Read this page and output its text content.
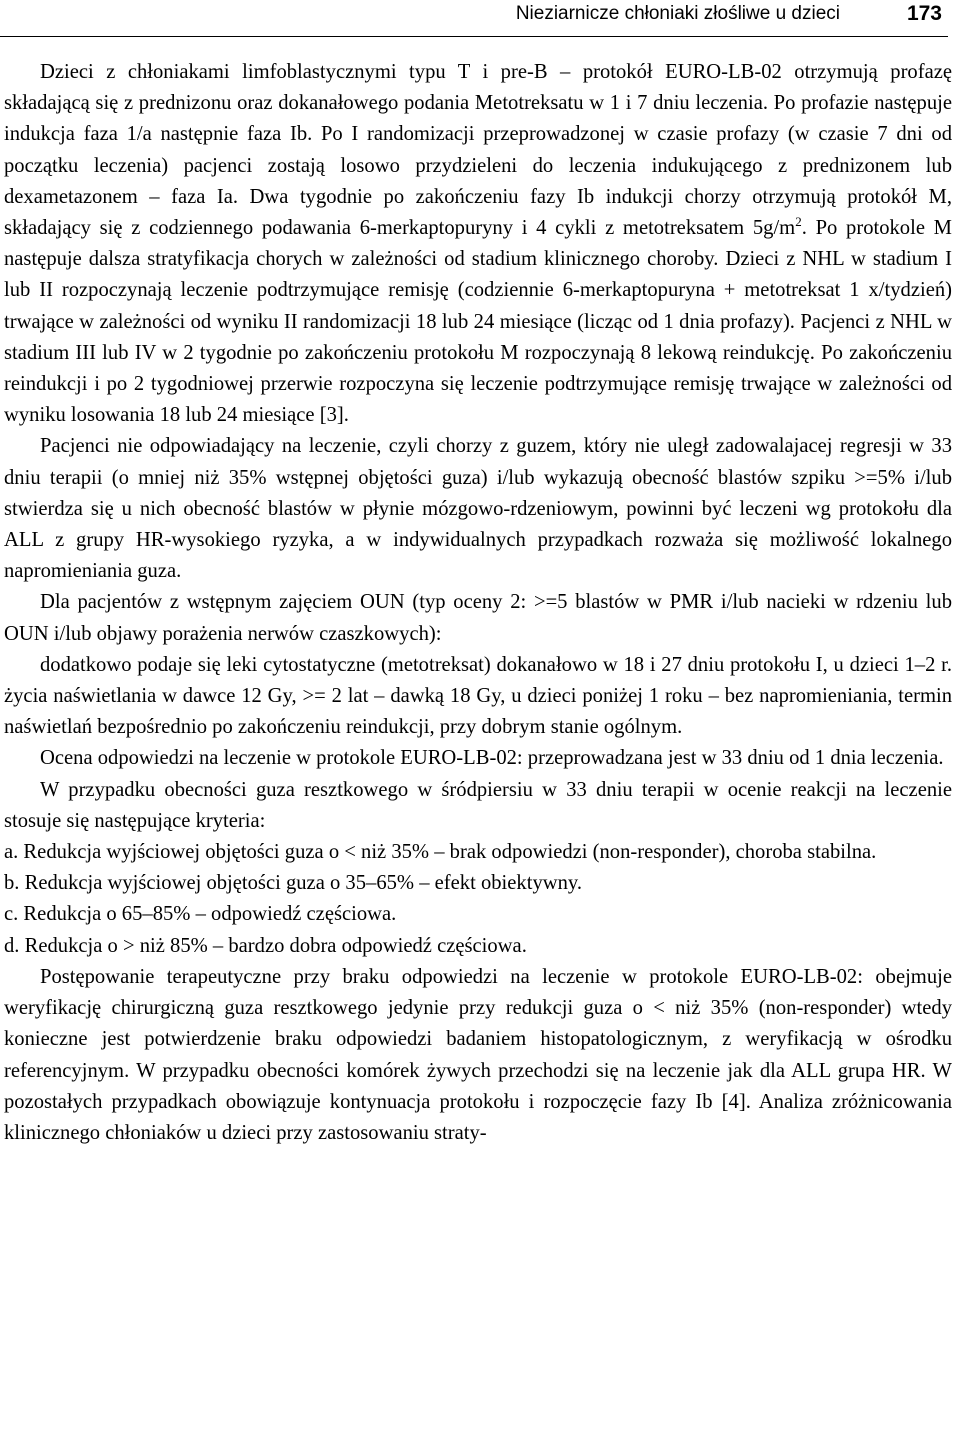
Nieziarnicze chłoniaki złośliwe u dzieci	173

Dzieci z chłoniakami limfoblastycznymi typu T i pre-B – protokół EURO-LB-02 otrzymują profazę składającą się z prednizonu oraz dokanałowego podania Metotreksatu w 1 i 7 dniu leczenia. Po profazie następuje indukcja faza 1/a następnie faza Ib. Po I randomizacji przeprowadzonej w czasie profazy (w czasie 7 dni od początku leczenia) pacjenci zostają losowo przydzieleni do leczenia indukującego z prednizonem lub dexametazonem – faza Ia. Dwa tygodnie po zakończeniu fazy Ib indukcji chorzy otrzymują protokół M, składający się z codziennego podawania 6-merkaptopuryny i 4 cykli z metotreksatem $5g/m^2$. Po protokole M następuje dalsza stratyfikacja chorych w zależności od stadium klinicznego choroby. Dzieci z NHL w stadium I lub II rozpoczynają leczenie podtrzymujące remisję (codziennie 6-merkaptopuryna + metotreksat 1 x/tydzień) trwające w zależności od wyniku II randomizacji 18 lub 24 miesiące (licząc od 1 dnia profazy). Pacjenci z NHL w stadium III lub IV w 2 tygodnie po zakończeniu protokołu M rozpoczynają 8 lekową reindukcję. Po zakończeniu reindukcji i po 2 tygodniowej przerwie rozpoczyna się leczenie podtrzymujące remisję trwające w zależności od wyniku losowania 18 lub 24 miesiące [3].

Pacjenci nie odpowiadający na leczenie, czyli chorzy z guzem, który nie uległ zadowalajacej regresji w 33 dniu terapii (o mniej niż 35% wstępnej objętości guza) i/lub wykazują obecność blastów szpiku >=5% i/lub stwierdza się u nich obecność blastów w płynie mózgowo-rdzeniowym, powinni być leczeni wg protokołu dla ALL z grupy HR-wysokiego ryzyka, a w indywidualnych przypadkach rozważa się możliwość lokalnego napromieniania guza.

Dla pacjentów z wstępnym zajęciem OUN (typ oceny 2: >=5 blastów w PMR i/lub nacieki w rdzeniu lub OUN i/lub objawy porażenia nerwów czaszkowych):

dodatkowo podaje się leki cytostatyczne (metotreksat) dokanałowo w 18 i 27 dniu protokołu I, u dzieci 1–2 r. życia naświetlania w dawce 12 Gy, >= 2 lat – dawką 18 Gy, u dzieci poniżej 1 roku – bez napromieniania, termin naświetlań bezpośrednio po zakończeniu reindukcji, przy dobrym stanie ogólnym.

Ocena odpowiedzi na leczenie w protokole EURO-LB-02: przeprowadzana jest w 33 dniu od 1 dnia leczenia.

W przypadku obecności guza resztkowego w śródpiersiu w 33 dniu terapii w ocenie reakcji na leczenie stosuje się następujące kryteria:

a. Redukcja wyjściowej objętości guza o < niż 35% – brak odpowiedzi (non-responder), choroba stabilna.

b. Redukcja wyjściowej objętości guza o 35–65% – efekt obiektywny.

c. Redukcja o 65–85% – odpowiedź częściowa.

d. Redukcja o > niż 85% – bardzo dobra odpowiedź częściowa.

Postępowanie terapeutyczne przy braku odpowiedzi na leczenie w protokole EURO-LB-02: obejmuje weryfikację chirurgiczną guza resztkowego jedynie przy redukcji guza o < niż 35% (non-responder) wtedy konieczne jest potwierdzenie braku odpowiedzi badaniem histopatologicznym, z weryfikacją w ośrodku referencyjnym. W przypadku obecności komórek żywych przechodzi się na leczenie jak dla ALL grupa HR. W pozostałych przypadkach obowiązuje kontynuacja protokołu i rozpoczęcie fazy Ib [4]. Analiza zróżnicowania klinicznego chłoniaków u dzieci przy zastosowaniu straty-
